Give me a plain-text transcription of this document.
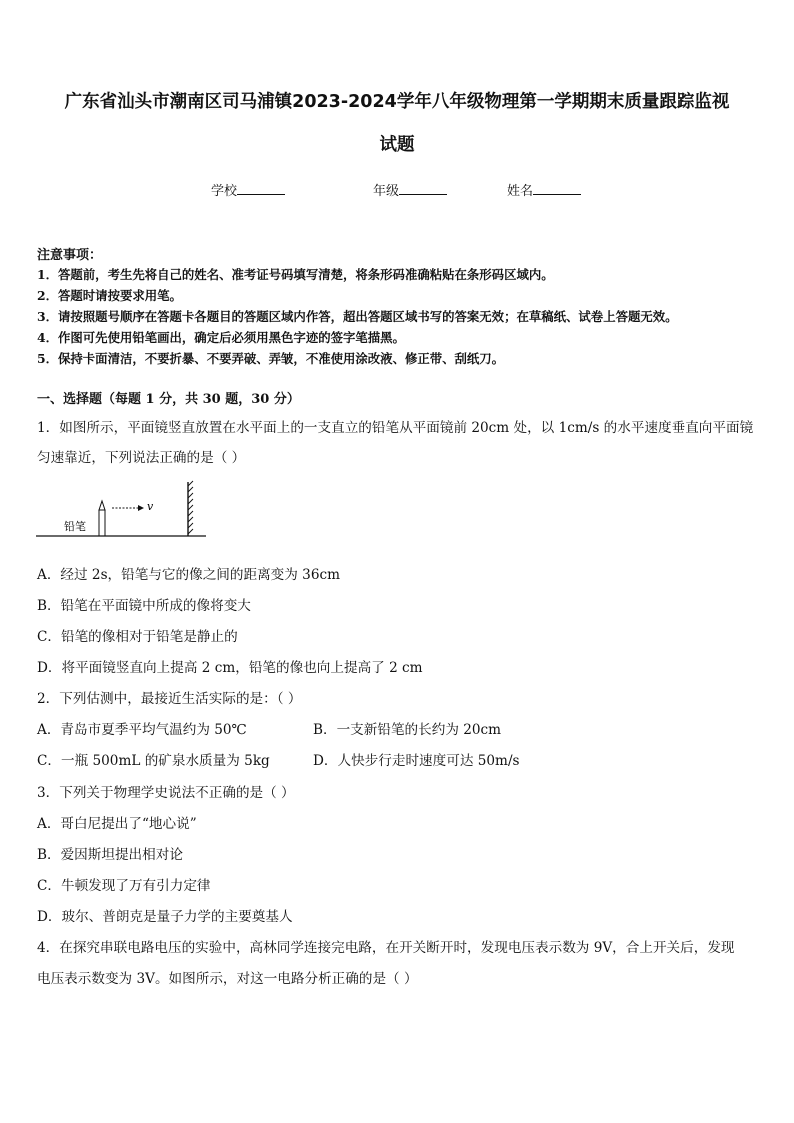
广东省汕头市潮南区司马浦镇2023-2024学年八年级物理第一学期期末质量跟踪监视
试题
学校	年级	姓名
注意事项：
1．答题前，考生先将自己的姓名、准考证号码填写清楚，将条形码准确粘贴在条形码区域内。
2．答题时请按要求用笔。
3．请按照题号顺序在答题卡各题目的答题区域内作答，超出答题区域书写的答案无效；在草稿纸、试卷上答题无效。
4．作图可先使用铅笔画出，确定后必须用黑色字迹的签字笔描黑。
5．保持卡面清洁，不要折暴、不要弄破、弄皱，不准使用涂改液、修正带、刮纸刀。
一、选择题（每题 1 分，共 30 题，30 分）
1．如图所示，平面镜竖直放置在水平面上的一支直立的铅笔从平面镜前 20cm 处，以 1cm/s 的水平速度垂直向平面镜
匀速靠近，下列说法正确的是（ ）
铅笔
v
A．经过 2s，铅笔与它的像之间的距离变为 36cm
B．铅笔在平面镜中所成的像将变大
C．铅笔的像相对于铅笔是静止的
D．将平面镜竖直向上提高 2 cm，铅笔的像也向上提高了 2 cm
2．下列估测中，最接近生活实际的是：（ ）
A．青岛市夏季平均气温约为 50℃	B．一支新铅笔的长约为 20cm
C．一瓶 500mL 的矿泉水质量为 5kg	D．人快步行走时速度可达 50m/s
3．下列关于物理学史说法不正确的是（ ）
A．哥白尼提出了“地心说”
B．爱因斯坦提出相对论
C．牛顿发现了万有引力定律
D．玻尔、普朗克是量子力学的主要奠基人
4．在探究串联电路电压的实验中，高林同学连接完电路，在开关断开时，发现电压表示数为 9V，合上开关后，发现
电压表示数变为 3V。如图所示，对这一电路分析正确的是（ ）
